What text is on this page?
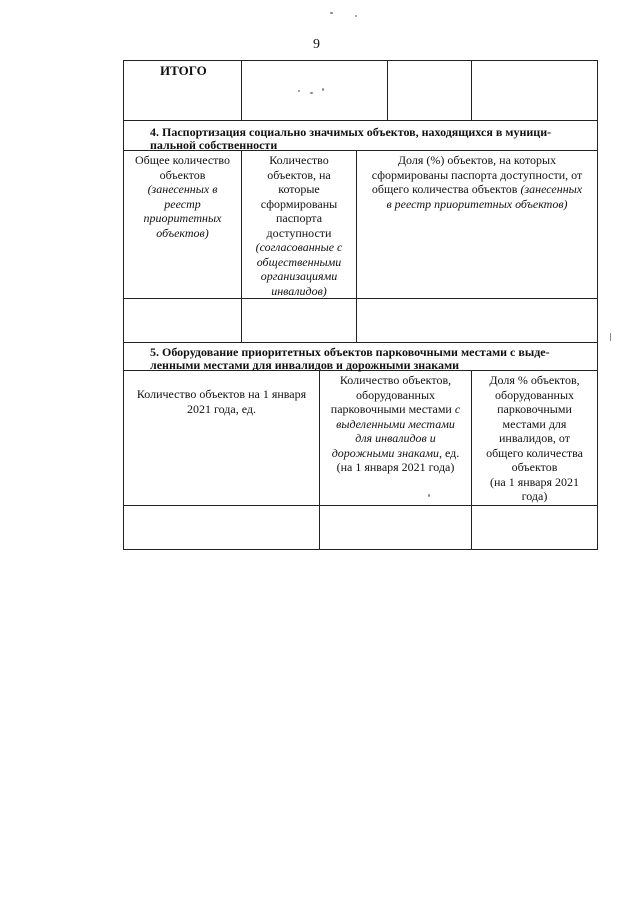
9
ИТОГО
4. Паспортизация социально значимых объектов, находящихся в муници-
пальной собственности
Общее количество
объектов
(занесенных в
реестр
приоритетных
объектов)
Количество
объектов, на
которые
сформированы
паспорта
доступности
(согласованные с
общественными
организациями
инвалидов)
Доля (%) объектов, на которых
сформированы паспорта доступности, от
общего количества объектов (занесенных
в реестр приоритетных объектов)
5. Оборудование приоритетных объектов парковочными местами с выде-
ленными местами для инвалидов и дорожными знаками
Количество объектов на 1 января
2021 года, ед.
Количество объектов,
оборудованных
парковочными местами с
выделенными местами
для инвалидов и
дорожными знаками, ед.
(на 1 января 2021 года)
Доля % объектов,
оборудованных
парковочными
местами для
инвалидов, от
общего количества
объектов
(на 1 января 2021
года)
